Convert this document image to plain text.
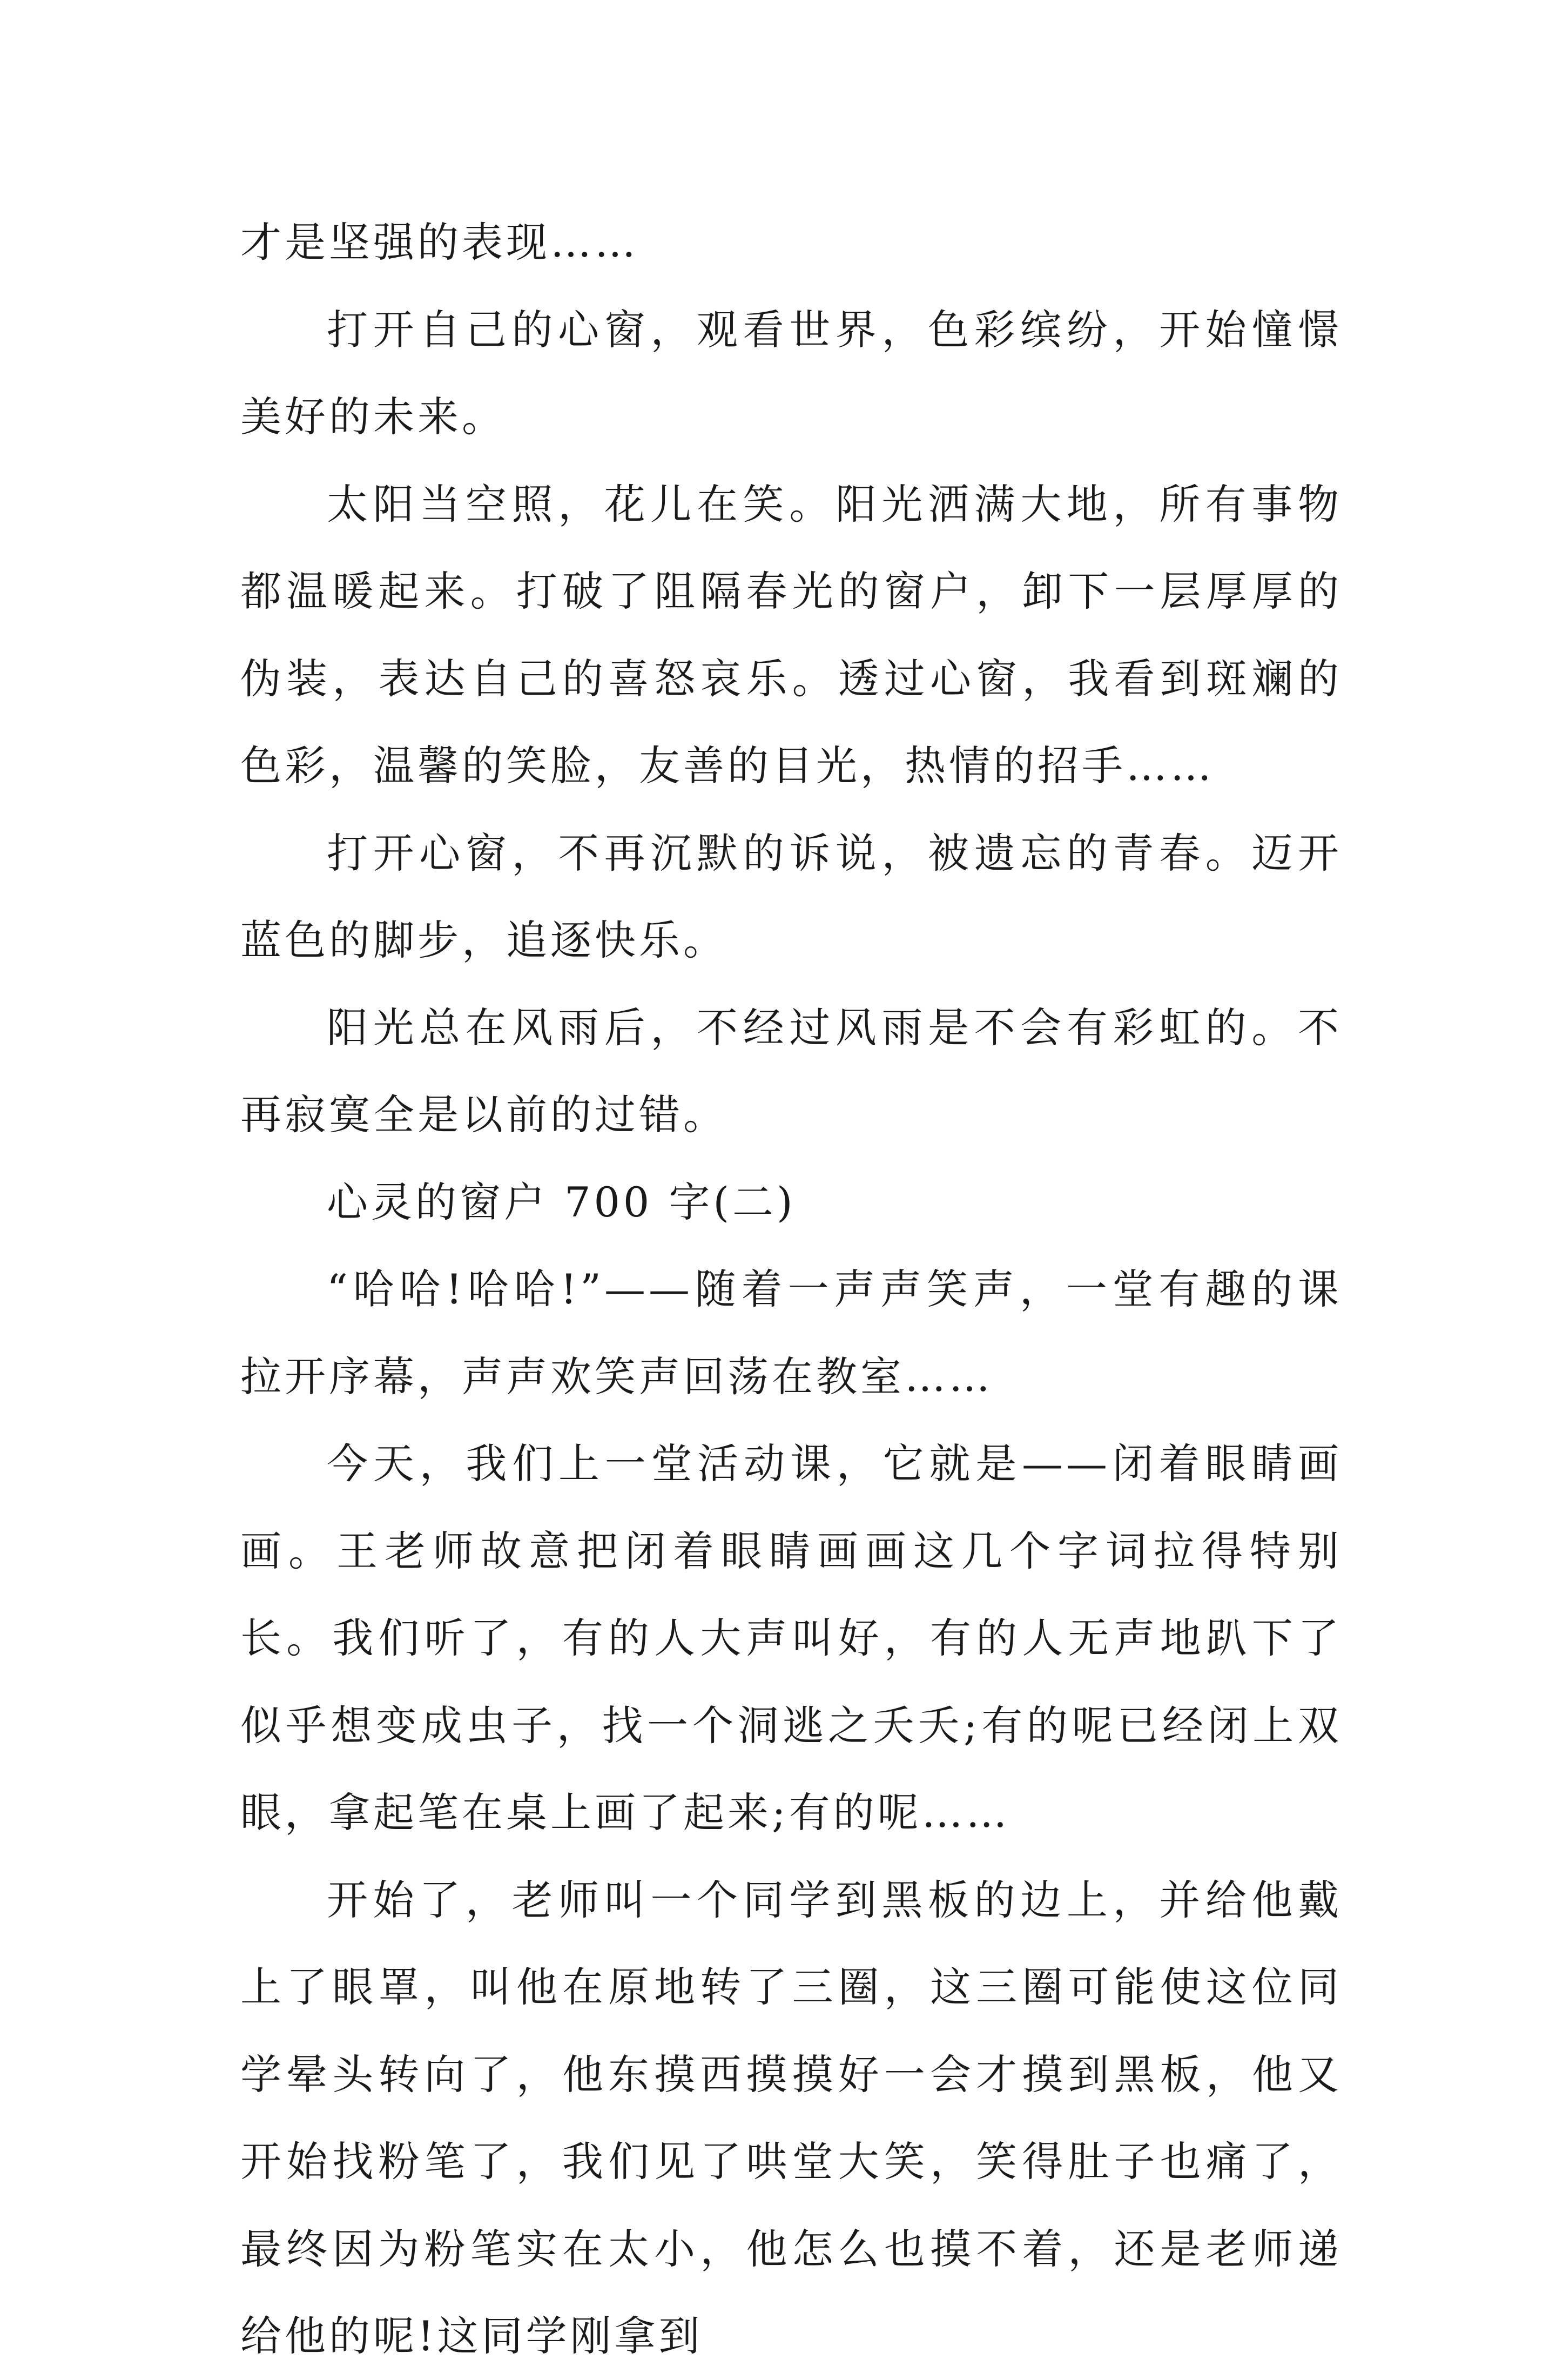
才是坚强的表现……

打开自己的心窗，观看世界，色彩缤纷，开始憧憬美好的未来。

太阳当空照，花儿在笑。阳光洒满大地，所有事物都温暖起来。打破了阻隔春光的窗户，卸下一层厚厚的伪装，表达自己的喜怒哀乐。透过心窗，我看到斑斓的色彩，温馨的笑脸，友善的目光，热情的招手……

打开心窗，不再沉默的诉说，被遗忘的青春。迈开蓝色的脚步，追逐快乐。

阳光总在风雨后，不经过风雨是不会有彩虹的。不再寂寞全是以前的过错。

心灵的窗户 700 字(二)

“哈哈!哈哈!”——随着一声声笑声，一堂有趣的课拉开序幕，声声欢笑声回荡在教室……

今天，我们上一堂活动课，它就是——闭着眼睛画画。王老师故意把闭着眼睛画画这几个字词拉得特别长。我们听了，有的人大声叫好，有的人无声地趴下了似乎想变成虫子，找一个洞逃之夭夭;有的呢已经闭上双眼，拿起笔在桌上画了起来;有的呢……

开始了，老师叫一个同学到黑板的边上，并给他戴上了眼罩，叫他在原地转了三圈，这三圈可能使这位同学晕头转向了，他东摸西摸摸好一会才摸到黑板，他又开始找粉笔了，我们见了哄堂大笑，笑得肚子也痛了，最终因为粉笔实在太小，他怎么也摸不着，还是老师递给他的呢!这同学刚拿到
